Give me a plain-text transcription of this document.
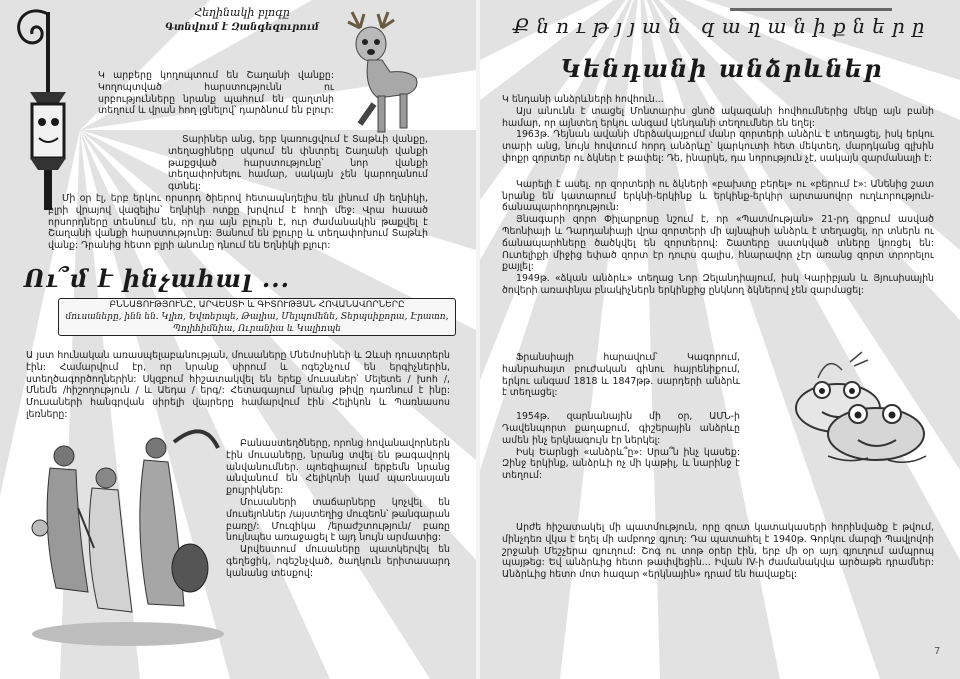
Հեղինակի բլոգը
Գտնվում է Զանգեզուրում

Կ արբերը կողոպտում են Շաղանի վանքը: Կողոպտված հարստությունն ու սրբությունները նրանք պահում են զաղտնի տեղում և վրան հող լցնելով՝ դարձնում են բլուր:

Տարիներ անց, երբ կառուցվում է Տաթևի վանքը, տեղացիները սկսում են փնտրել Շաղանի վանքի թաքցված հարստությունը՝ նոր վանքի տեղափոխելու համար, սակայն չեն կարողանում գտնել:

Մի օր էլ, երբ երկու որսորդ ծիերով հետապնդելիս են լինում մի եղնիկի, բլրի վրայով վազելիս՝ եղնիկի ոտքը խրվում է հողի մեջ: Վրա հասած որսորդները տեսնում են, որ դա այն բլուրն է, ուր ժամանակին թաքվել է Շաղանի վանքի հարստությունը: Յանում են բլուրը և տեղափոխում Տաթևի վանք: Դրանից հետո բլրի անունը դնում են Եղնիկի բլուր:

Ու՞մ է ինչահալ ...
ԲՆՆԱՑՈՒԹՅՈՒՆԸ, ԱՐՎԵՍՏԻ և ԳԻՏՈՒԹՅԱՆ ՀՈՎԱՆԱՎՈՐՆԵՐԸ
մուսաները, ինն են. Կլիո, Եվտերպե, Թալիա, Մելպոմենե, Տերպսիքորա, Էրատո, Պոլիհիմնիա, Ուրանիա և Կալիոպե

Ա յստ հունական առասպելաբանության, մուսաները Մնեմոսինեի և Զևսի դուստրերն էին: Համարվում էր, որ նրանք սիրում և ոգեշնչում են երգիչներին, ստեղծագործողներին: Սկզբում հիշատակվել են երեք մուսաներ՝ Մելետե / խոհ /, Մնեմե /հիշողություն / և Աեդա / երգ/: Հետագայում նրանց թիվը դառնում է ինը: Մուսաների հանգրվան սիրելի վայրերը համարվում էին Հելիկոն և Պառնասոս լեռները:

Բանաստեղծները, որոնց հովանավորներն էին մուսաները, նրանց տվել են թագավորկ անվանումներ. պոեզիայում երբեմն նրանց անվանում են Հելիկոնի կամ պառնասյան քույրիկներ:

Մուսաների տաճարները կոչվել են մուսեյոններ /այստեղից մուզեոն՝ թանգարան բառը/: Մուզիկա /երաժշտություն/ բառը նույնպես առաջացել է այդ նույն արմատից:

Արվեստում մուսաները պատկերվել են գեղեցիկ, ոգեշնչված, ծաղկուն երիտասարդ կանանց տեսքով:

Քնությյան զաղանիքները
Կենդանի անձրևներ

Կ ենդանի անձրևների հովհուն...

Այս անունն է տացել Մոնտարիս ցնոծ ակազանի հովհումներից մեկը այն բանի համար, որ այնտեղ երկու անգամ կենդանի տեղումներ են եղել:

1963թ. Դեյնան ավանի մերձակայքում մանր զորտերի անձրև է տեղացել, իսկ երկու տարի անց, նույն հովտում հորդ անձրևը՝ կարկուտի հետ մեկտեղ, մարդկանց գլխին փոքր զորտեր ու ձկներ է թափել: Դե, ինարկե, դա նորություն չէ, սակայն զարմանալի է:

Կարելի է ասել. որ զորտերի ու ձկների «բախտը բերել» ու «բերում է»: Անենից շատ նրանք են կատարում երկնի-երկինք և երկինք-երկիր արտասովոր ուղևորություն-ճանապարհորդություն:

Յնագարի զորո Փիլարքոսը նշում է, որ «Պատմության» 21-րդ գրքում ասված Պեոնիայի և Դարդանիայի վրա զորտերի մի այնպիսի անձրև է տեղացել, որ տներն ու ճանապարհները ծածկվել են զորտերով: Շատերը սատկված տները կոռցել են: Ուտելիքի միջից եփած զորտ էր դուրս գալիս, հնարավոր չէր առանց զորտ տրորելու քայլել:

1949թ. «ձկան անձրև» տեղաց Նոր Զելանդիայում, իսկ Կարիբյան և Յյուսիսային ծովերի առափնյա բնակիչներն երկինքից ընկնող ձկներով չեն զարմացել:

Ֆրանսիայի հարավում՝ Կագորում, հանրահայտ բուժական գինու հայրենիքում, երկու անգամ 1818 և 1847թթ. սարդերի անձրև է տեղացել:

1954թ. զարնանային մի օր, ԱՄՆ-ի Դավենպորտ քաղաքում, գիշերային անձրևը ամեն ինչ երկնագույն էր ներկել:

Իսկ Եարնցի «անձրև՞ը»: Սրա՞ն ինչ կասեք: Զինջ երկինք, անձրևի ոչ մի կաթիլ, և նարինջ է տեղում:

Արժե հիշատակել մի պատմություն, որը զուտ կատակասերի հորինվածք է թվում, մինչդեռ վկա է եղել մի ամբողջ գյուղ: Դա պատահել է 1940թ. Գորկու մարզի Պավլովոի շրջանի Մեշչերա գյուղում: Շոգ ու տոթ օրեր էին, երբ մի օր այդ գյուղում ամպրոպ պայթեց: Եվ անձրևից հետո թափվեցին... Իվան IV-ի ժամանակվա արծաթե դրամներ: Անձրևից հետո մոտ հազար «երկնային» դրամ են հավաքել:

7
